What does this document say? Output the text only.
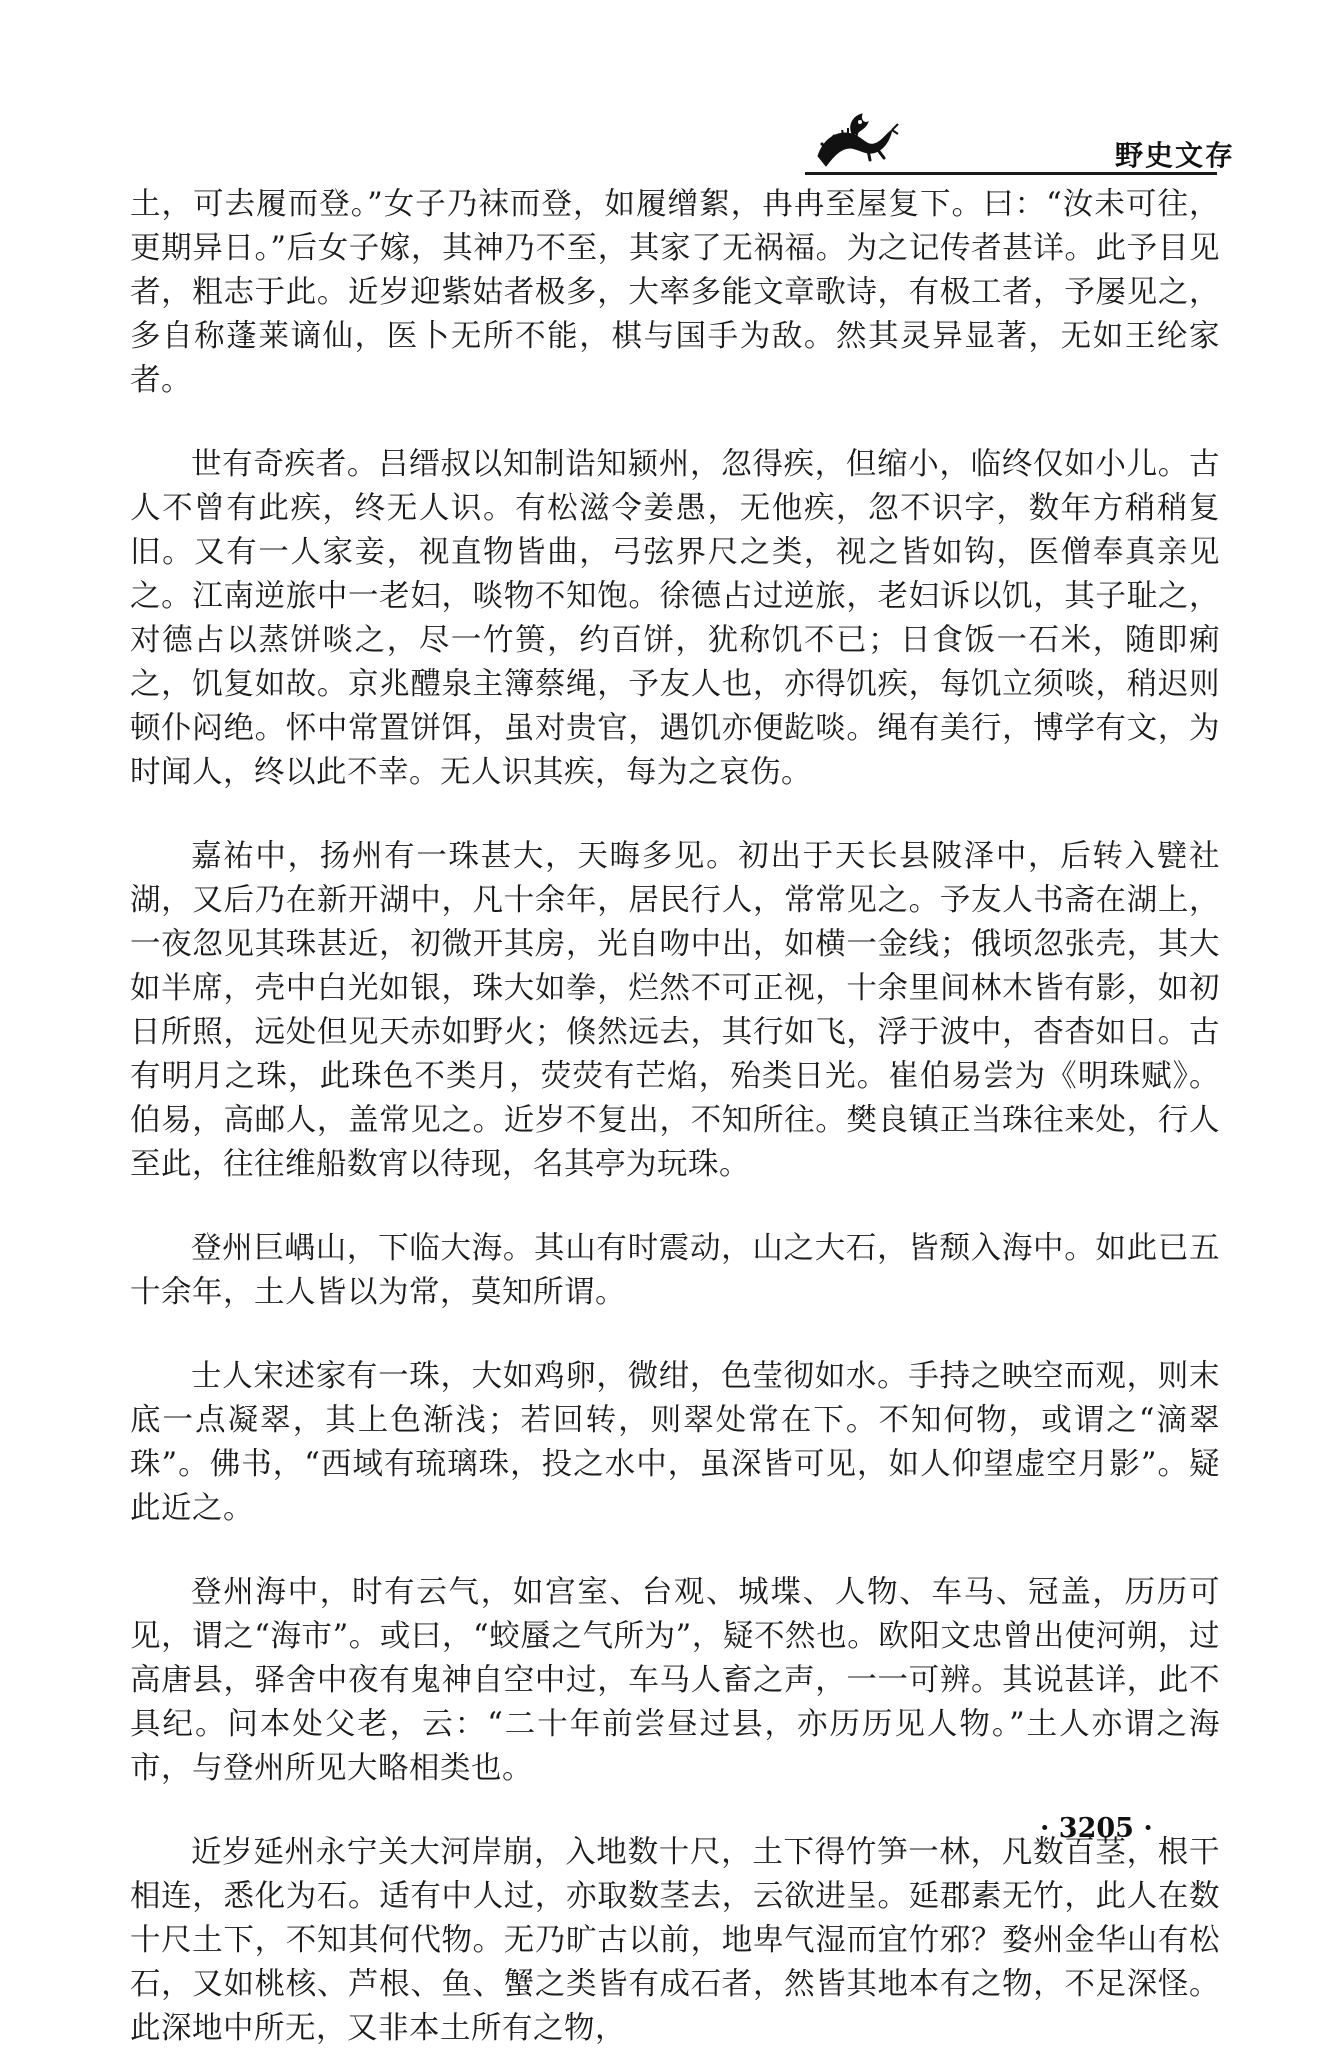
野史文存

土，可去履而登。”女子乃袜而登，如履缯絮，冉冉至屋复下。曰：“汝未可往，更期异日。”后女子嫁，其神乃不至，其家了无祸福。为之记传者甚详。此予目见者，粗志于此。近岁迎紫姑者极多，大率多能文章歌诗，有极工者，予屡见之，多自称蓬莱谪仙，医卜无所不能，棋与国手为敌。然其灵异显著，无如王纶家者。

世有奇疾者。吕缙叔以知制诰知颍州，忽得疾，但缩小，临终仅如小儿。古人不曾有此疾，终无人识。有松滋令姜愚，无他疾，忽不识字，数年方稍稍复旧。又有一人家妾，视直物皆曲，弓弦界尺之类，视之皆如钩，医僧奉真亲见之。江南逆旅中一老妇，啖物不知饱。徐德占过逆旅，老妇诉以饥，其子耻之，对德占以蒸饼啖之，尽一竹篑，约百饼，犹称饥不已；日食饭一石米，随即痢之，饥复如故。京兆醴泉主簿蔡绳，予友人也，亦得饥疾，每饥立须啖，稍迟则顿仆闷绝。怀中常置饼饵，虽对贵官，遇饥亦便龁啖。绳有美行，博学有文，为时闻人，终以此不幸。无人识其疾，每为之哀伤。

嘉祐中，扬州有一珠甚大，天晦多见。初出于天长县陂泽中，后转入甓社湖，又后乃在新开湖中，凡十余年，居民行人，常常见之。予友人书斋在湖上，一夜忽见其珠甚近，初微开其房，光自吻中出，如横一金线；俄顷忽张壳，其大如半席，壳中白光如银，珠大如拳，烂然不可正视，十余里间林木皆有影，如初日所照，远处但见天赤如野火；倏然远去，其行如飞，浮于波中，杳杳如日。古有明月之珠，此珠色不类月，荧荧有芒焰，殆类日光。崔伯易尝为《明珠赋》。伯易，高邮人，盖常见之。近岁不复出，不知所往。樊良镇正当珠往来处，行人至此，往往维船数宵以待现，名其亭为玩珠。

登州巨嵎山，下临大海。其山有时震动，山之大石，皆颓入海中。如此已五十余年，土人皆以为常，莫知所谓。

士人宋述家有一珠，大如鸡卵，微绀，色莹彻如水。手持之映空而观，则末底一点凝翠，其上色渐浅；若回转，则翠处常在下。不知何物，或谓之“滴翠珠”。佛书，“西域有琉璃珠，投之水中，虽深皆可见，如人仰望虚空月影”。疑此近之。

登州海中，时有云气，如宫室、台观、城堞、人物、车马、冠盖，历历可见，谓之“海市”。或曰，“蛟蜃之气所为”，疑不然也。欧阳文忠曾出使河朔，过高唐县，驿舍中夜有鬼神自空中过，车马人畜之声，一一可辨。其说甚详，此不具纪。问本处父老，云：“二十年前尝昼过县，亦历历见人物。”土人亦谓之海市，与登州所见大略相类也。

近岁延州永宁关大河岸崩，入地数十尺，土下得竹笋一林，凡数百茎，根干相连，悉化为石。适有中人过，亦取数茎去，云欲进呈。延郡素无竹，此人在数十尺土下，不知其何代物。无乃旷古以前，地卑气湿而宜竹邪？婺州金华山有松石，又如桃核、芦根、鱼、蟹之类皆有成石者，然皆其地本有之物，不足深怪。此深地中所无，又非本土所有之物，

· 3205 ·
